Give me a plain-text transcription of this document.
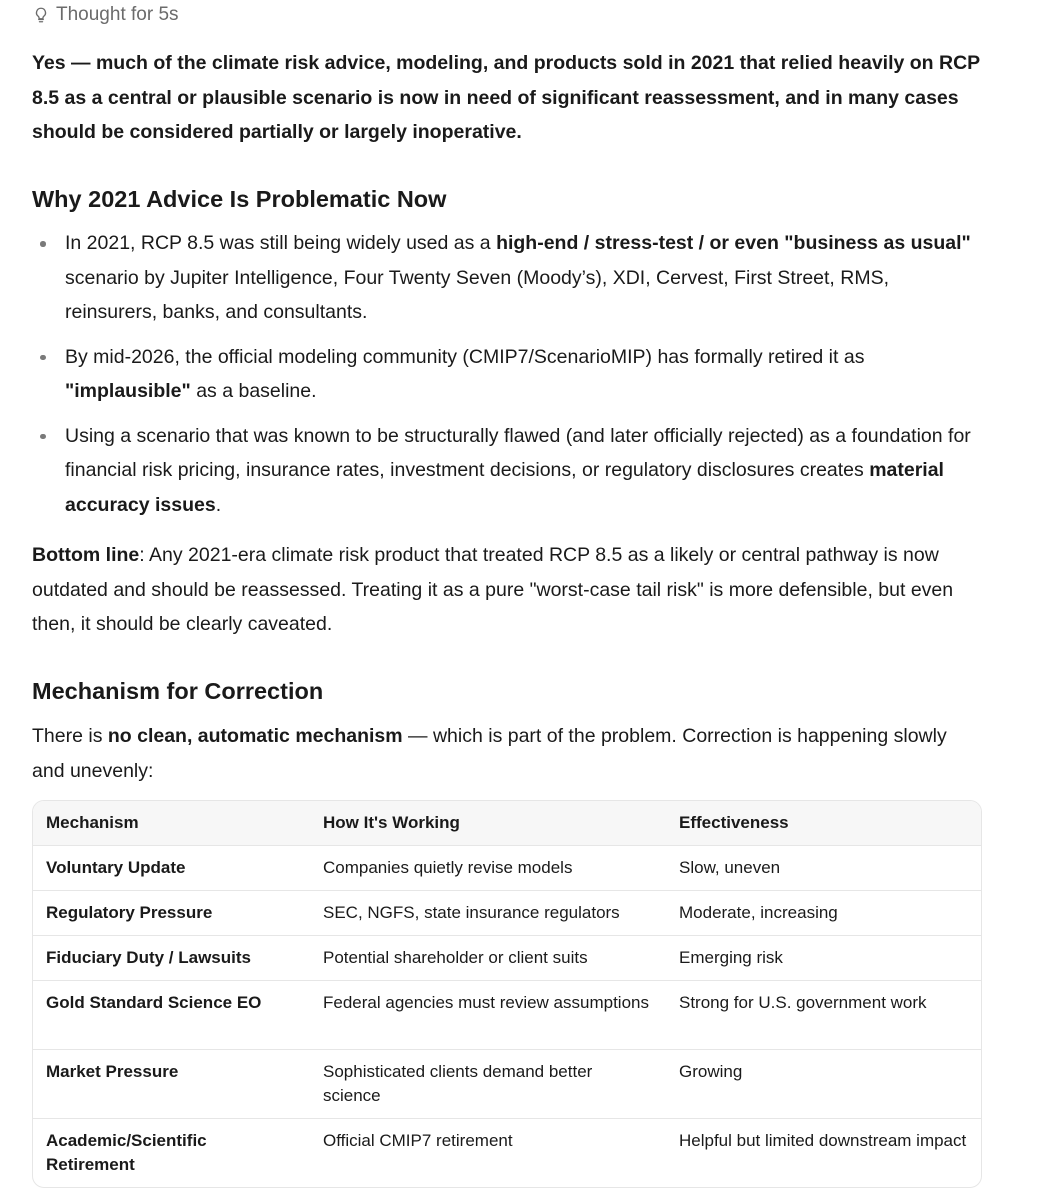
Thought for 5s

Yes — much of the climate risk advice, modeling, and products sold in 2021 that relied heavily on RCP 8.5 as a central or plausible scenario is now in need of significant reassessment, and in many cases should be considered partially or largely inoperative.

Why 2021 Advice Is Problematic Now
In 2021, RCP 8.5 was still being widely used as a high-end / stress-test / or even "business as usual" scenario by Jupiter Intelligence, Four Twenty Seven (Moody’s), XDI, Cervest, First Street, RMS, reinsurers, banks, and consultants.
By mid-2026, the official modeling community (CMIP7/ScenarioMIP) has formally retired it as "implausible" as a baseline.
Using a scenario that was known to be structurally flawed (and later officially rejected) as a foundation for financial risk pricing, insurance rates, investment decisions, or regulatory disclosures creates material accuracy issues.

Bottom line: Any 2021-era climate risk product that treated RCP 8.5 as a likely or central pathway is now outdated and should be reassessed. Treating it as a pure "worst-case tail risk" is more defensible, but even then, it should be clearly caveated.

Mechanism for Correction

There is no clean, automatic mechanism — which is part of the problem. Correction is happening slowly and unevenly:

Mechanism	How It's Working	Effectiveness
Voluntary Update	Companies quietly revise models	Slow, uneven
Regulatory Pressure	SEC, NGFS, state insurance regulators	Moderate, increasing
Fiduciary Duty / Lawsuits	Potential shareholder or client suits	Emerging risk
Gold Standard Science EO	Federal agencies must review assumptions	Strong for U.S. government work
Market Pressure	Sophisticated clients demand better science	Growing
Academic/Scientific Retirement	Official CMIP7 retirement	Helpful but limited downstream impact
